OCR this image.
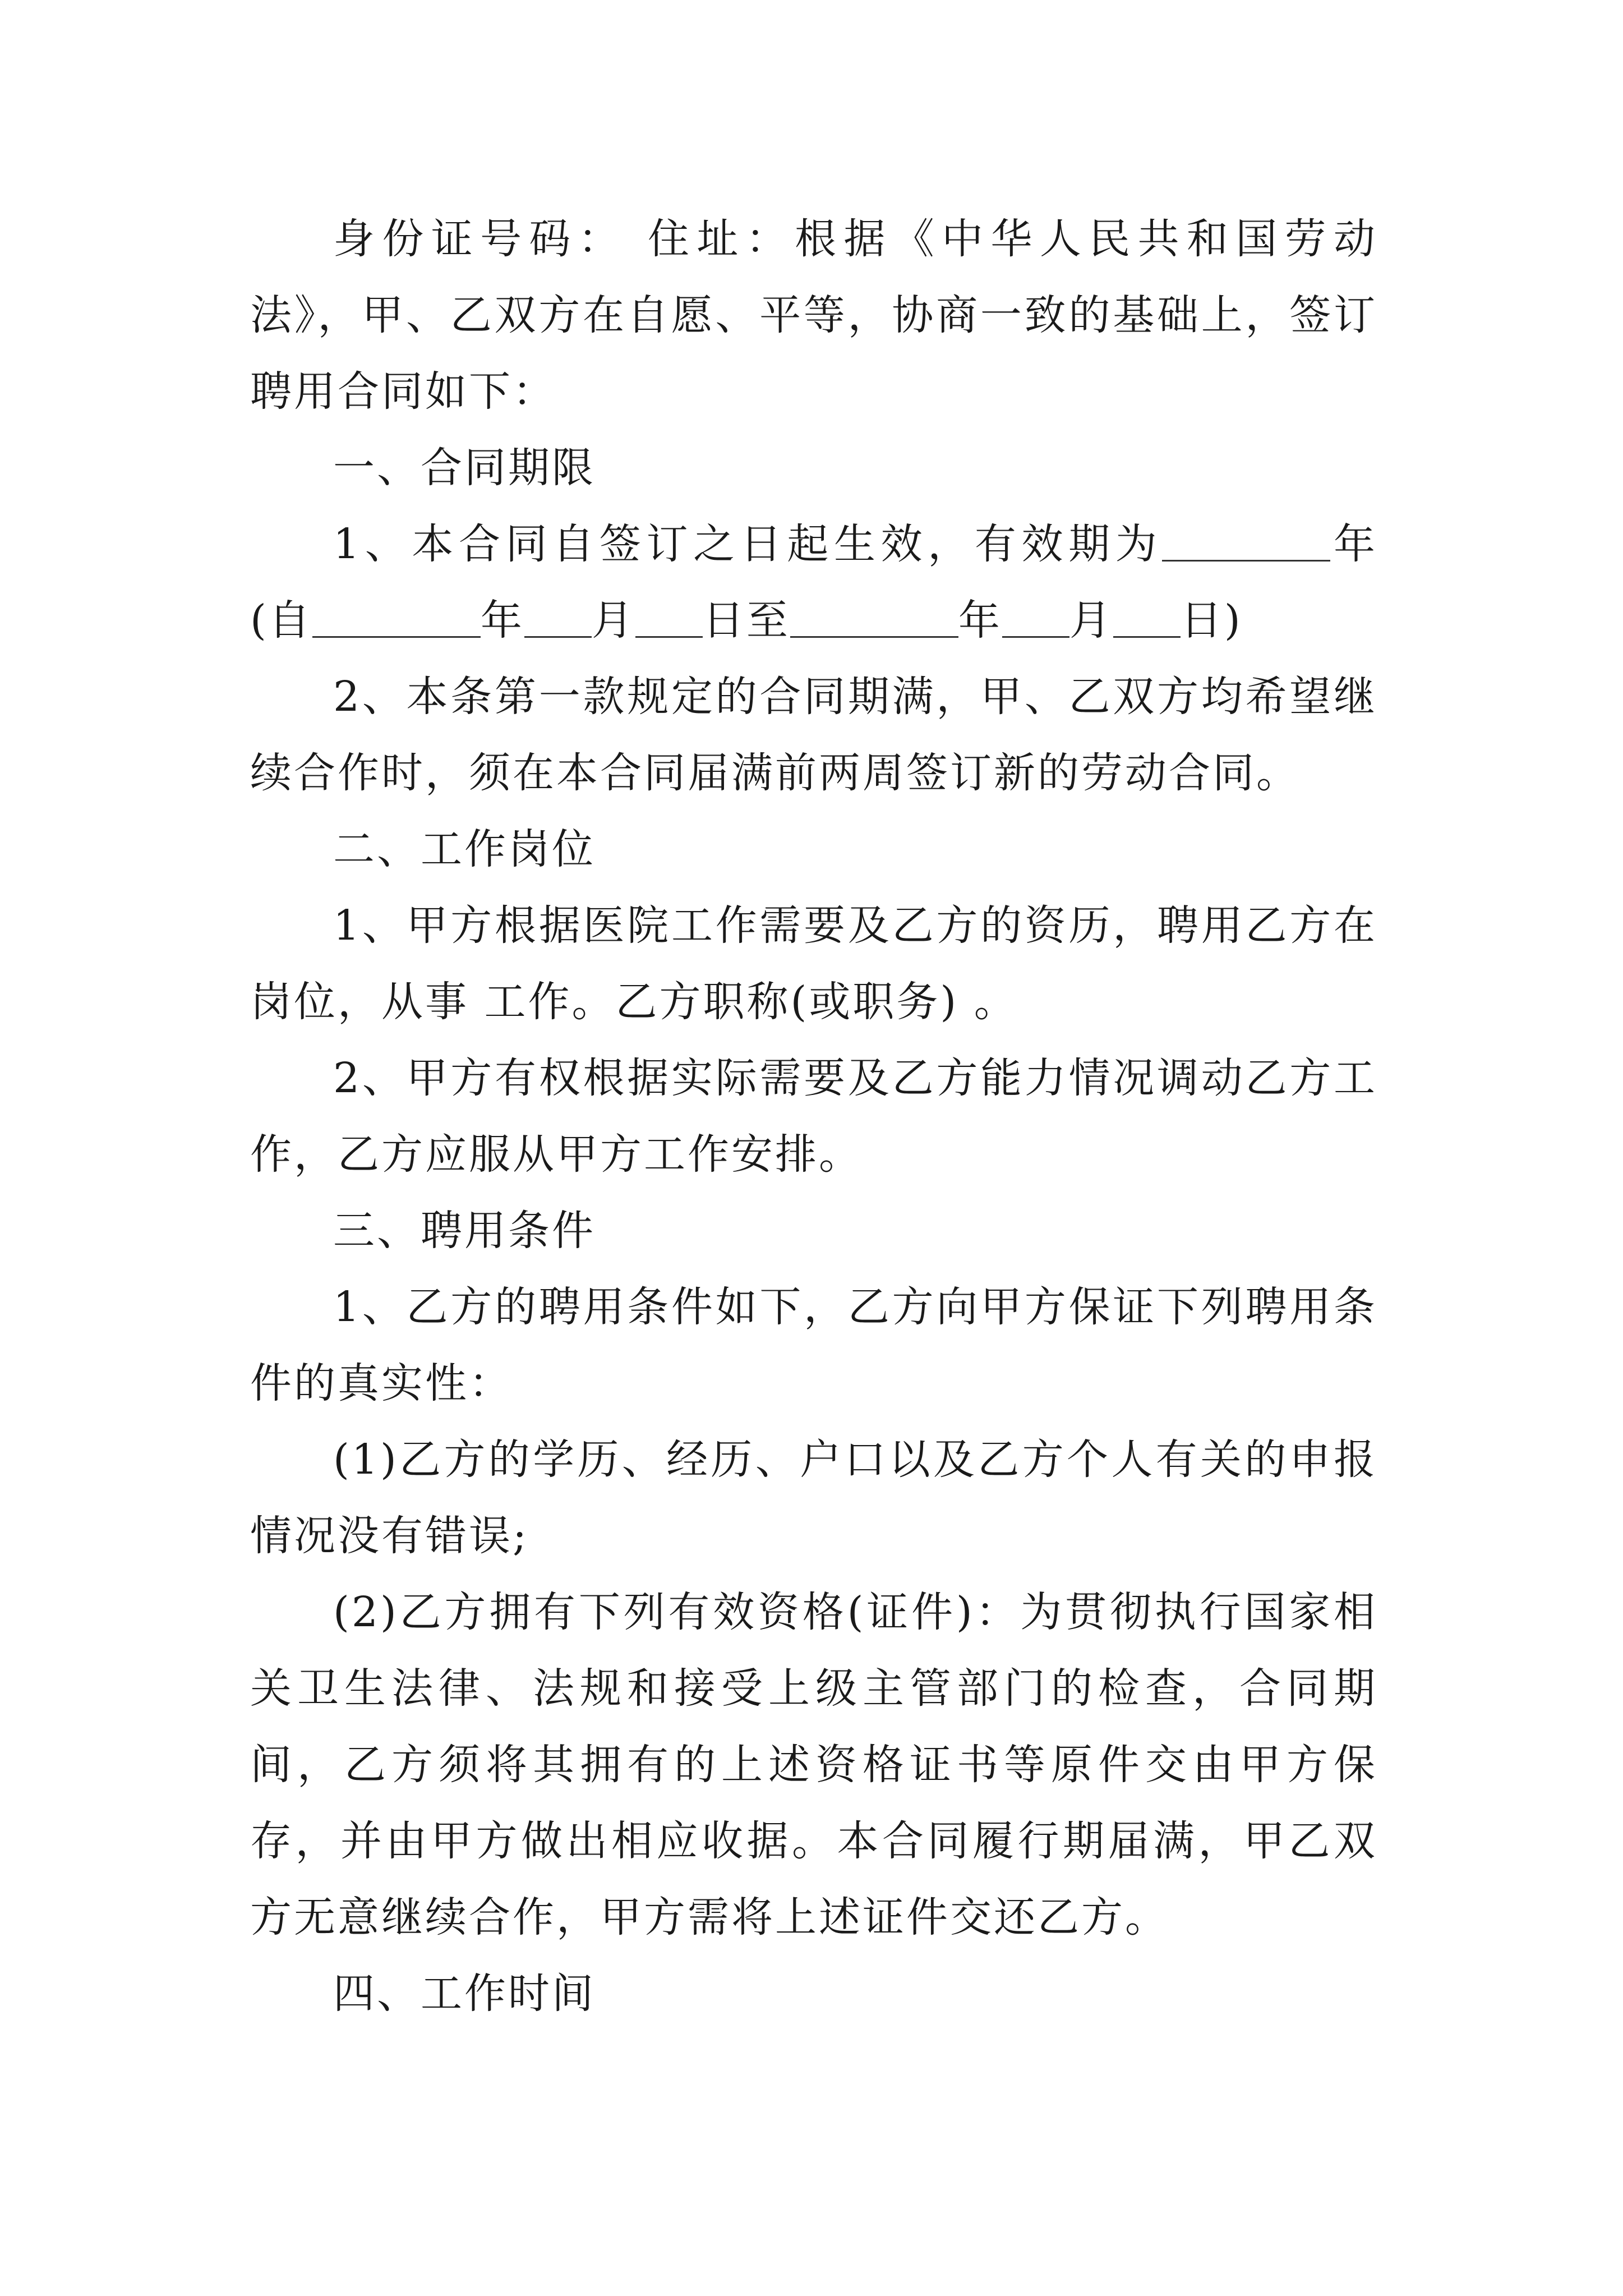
身份证号码： 住址：根据《中华人民共和国劳动法》，甲、乙双方在自愿、平等，协商一致的基础上，签订聘用合同如下：

一、合同期限

1、本合同自签订之日起生效，有效期为	年(自	年 月 日至	年 月 日)

2、本条第一款规定的合同期满，甲、乙双方均希望继续合作时，须在本合同届满前两周签订新的劳动合同。

二、工作岗位

1、甲方根据医院工作需要及乙方的资历，聘用乙方在岗位，从事 工作。乙方职称(或职务) 。

2、甲方有权根据实际需要及乙方能力情况调动乙方工作，乙方应服从甲方工作安排。

三、聘用条件

1、乙方的聘用条件如下，乙方向甲方保证下列聘用条件的真实性：

(1)乙方的学历、经历、户口以及乙方个人有关的申报情况没有错误;

(2)乙方拥有下列有效资格(证件)：为贯彻执行国家相关卫生法律、法规和接受上级主管部门的检查，合同期间，乙方须将其拥有的上述资格证书等原件交由甲方保存，并由甲方做出相应收据。本合同履行期届满，甲乙双方无意继续合作，甲方需将上述证件交还乙方。

四、工作时间
